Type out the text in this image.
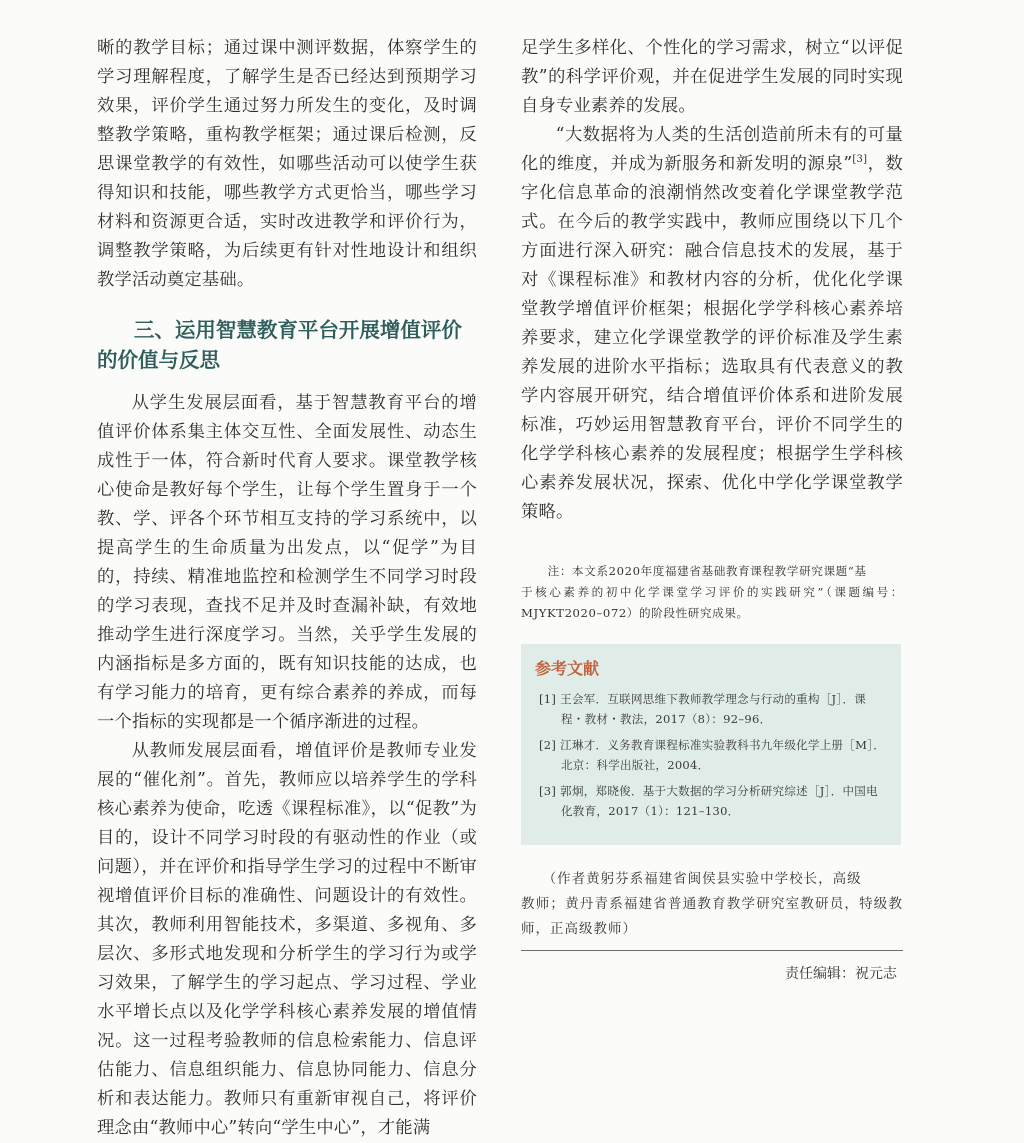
晰的教学目标；通过课中测评数据，体察学生的学习理解程度，了解学生是否已经达到预期学习效果，评价学生通过努力所发生的变化，及时调整教学策略，重构教学框架；通过课后检测，反思课堂教学的有效性，如哪些活动可以使学生获得知识和技能，哪些教学方式更恰当，哪些学习材料和资源更合适，实时改进教学和评价行为，调整教学策略，为后续更有针对性地设计和组织教学活动奠定基础。

三、运用智慧教育平台开展增值评价
的价值与反思

从学生发展层面看，基于智慧教育平台的增值评价体系集主体交互性、全面发展性、动态生成性于一体，符合新时代育人要求。课堂教学核心使命是教好每个学生，让每个学生置身于一个教、学、评各个环节相互支持的学习系统中，以提高学生的生命质量为出发点，以“促学”为目的，持续、精准地监控和检测学生不同学习时段的学习表现，查找不足并及时查漏补缺，有效地推动学生进行深度学习。当然，关乎学生发展的内涵指标是多方面的，既有知识技能的达成，也有学习能力的培育，更有综合素养的养成，而每一个指标的实现都是一个循序渐进的过程。

从教师发展层面看，增值评价是教师专业发展的“催化剂”。首先，教师应以培养学生的学科核心素养为使命，吃透《课程标准》，以“促教”为目的，设计不同学习时段的有驱动性的作业（或问题），并在评价和指导学生学习的过程中不断审视增值评价目标的准确性、问题设计的有效性。其次，教师利用智能技术，多渠道、多视角、多层次、多形式地发现和分析学生的学习行为或学习效果，了解学生的学习起点、学习过程、学业水平增长点以及化学学科核心素养发展的增值情况。这一过程考验教师的信息检索能力、信息评估能力、信息组织能力、信息协同能力、信息分析和表达能力。教师只有重新审视自己，将评价理念由“教师中心”转向“学生中心”，才能满

足学生多样化、个性化的学习需求，树立“以评促教”的科学评价观，并在促进学生发展的同时实现自身专业素养的发展。

“大数据将为人类的生活创造前所未有的可量化的维度，并成为新服务和新发明的源泉”[3]，数字化信息革命的浪潮悄然改变着化学课堂教学范式。在今后的教学实践中，教师应围绕以下几个方面进行深入研究：融合信息技术的发展，基于对《课程标准》和教材内容的分析，优化化学课堂教学增值评价框架；根据化学学科核心素养培养要求，建立化学课堂教学的评价标准及学生素养发展的进阶水平指标；选取具有代表意义的教学内容展开研究，结合增值评价体系和进阶发展标准，巧妙运用智慧教育平台，评价不同学生的化学学科核心素养的发展程度；根据学生学科核心素养发展状况，探索、优化中学化学课堂教学策略。

注：本文系2020年度福建省基础教育课程教学研究课题“基
于核心素养的初中化学课堂学习评价的实践研究”（课题编号：MJYKT2020–072）的阶段性研究成果。
参考文献
[1] 王会军．互联网思维下教师教学理念与行动的重构［J］．课程・教材・教法，2017（8）：92–96．
[2] 江琳才．义务教育课程标准实验教科书九年级化学上册［M］．北京：科学出版社，2004．
[3] 郭炯，郑晓俊．基于大数据的学习分析研究综述［J］．中国电化教育，2017（1）：121–130．
（作者黄躬芬系福建省闽侯县实验中学校长，高级
教师；黄丹青系福建省普通教育教学研究室教研员，特级教师，正高级教师）
责任编辑：祝元志
